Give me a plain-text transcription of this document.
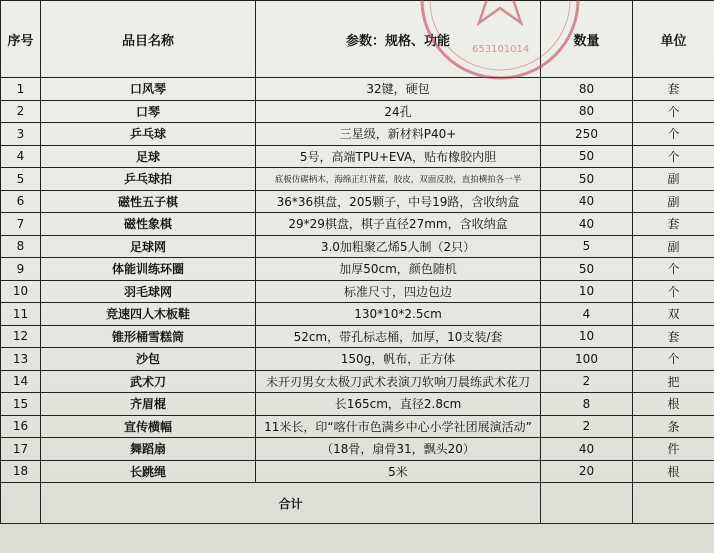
序号	品目名称	参数：规格、功能	数量	单位
1	口风琴	32键，硬包	80	套
2	口琴	24孔	80	个
3	乒乓球	三星级，新材料P40+	250	个
4	足球	5号，高端TPU+EVA，贴布橡胶内胆	50	个
5	乒乓球拍	底板仿碳柄木，海绵正红背蓝，胶皮，双面反胶，直拍横拍各一半	50	副
6	磁性五子棋	36*36棋盘，205颗子，中号19路，含收纳盒	40	副
7	磁性象棋	29*29棋盘，棋子直径27mm，含收纳盒	40	套
8	足球网	3.0加粗聚乙烯5人制（2只）	5	副
9	体能训练环圈	加厚50cm，颜色随机	50	个
10	羽毛球网	标准尺寸，四边包边	10	个
11	竞速四人木板鞋	130*10*2.5cm	4	双
12	锥形桶雪糕筒	52cm，带孔标志桶，加厚，10支装/套	10	套
13	沙包	150g，帆布，正方体	100	个
14	武术刀	未开刃男女太极刀武术表演刀软响刀晨练武术花刀	2	把
15	齐眉棍	长165cm，直径2.8cm	8	根
16	宣传横幅	11米长，印“喀什市色满乡中心小学社团展演活动”	2	条
17	舞蹈扇	（18骨，扇骨31，飘头20）	40	件
18	长跳绳	5米	20	根
	合计			
653101014
